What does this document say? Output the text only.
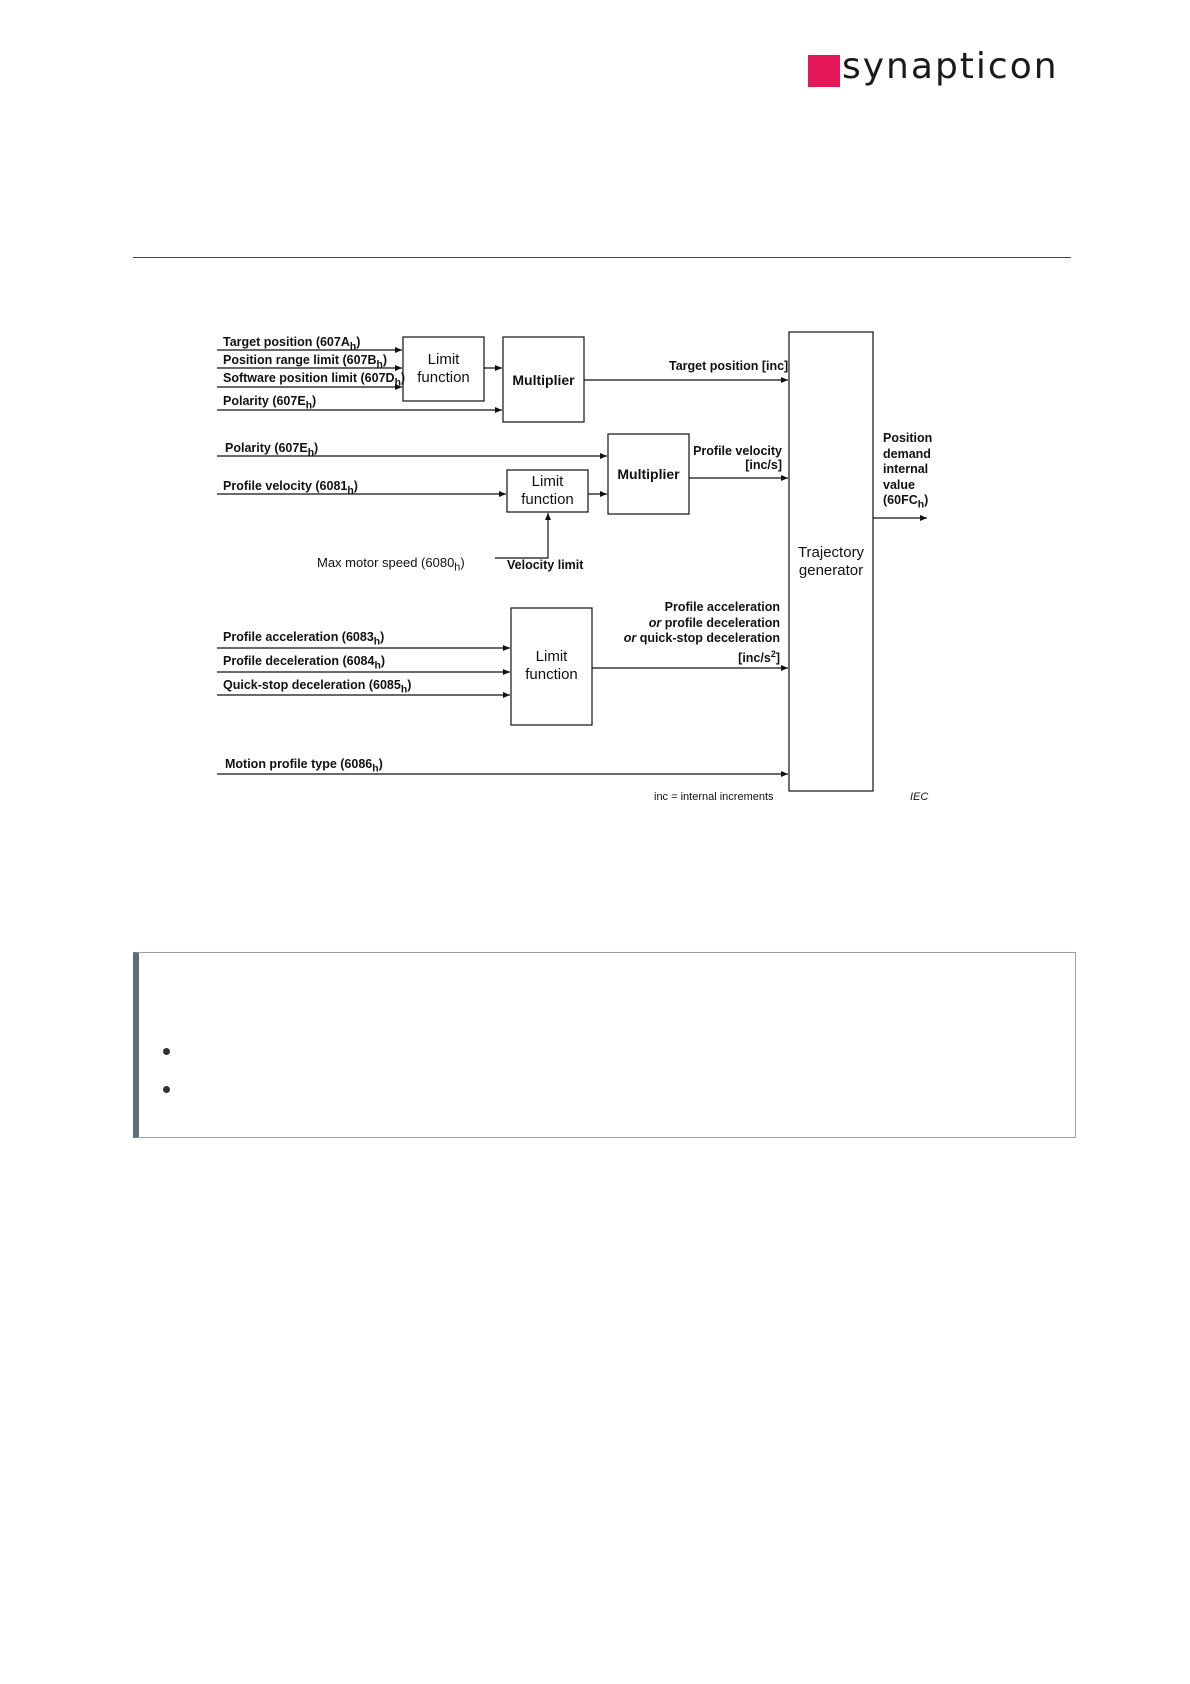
synapticon
Target position $(607A_h)$
Position range limit $(607B_h)$
Software position limit $(607D_h)$
Polarity $(607E_h)$
Polarity $(607E_h)$
Profile velocity $(6081_h)$
Max motor speed $(6080_h)$
Profile acceleration $(6083_h)$
Profile deceleration $(6084_h)$
Quick-stop deceleration $(6085_h)$
Motion profile type $(6086_h)$
Limit function	Multiplier
Multiplier
Limit function
Limit function
Trajectory generator
Target position [inc]
Profile velocity
[inc/s]
Velocity limit
Profile acceleration
or profile deceleration
or quick-stop deceleration
$[inc/s^2]$
Position
demand
internal
value
$(60FC_h)$
inc = internal increments	IEC
